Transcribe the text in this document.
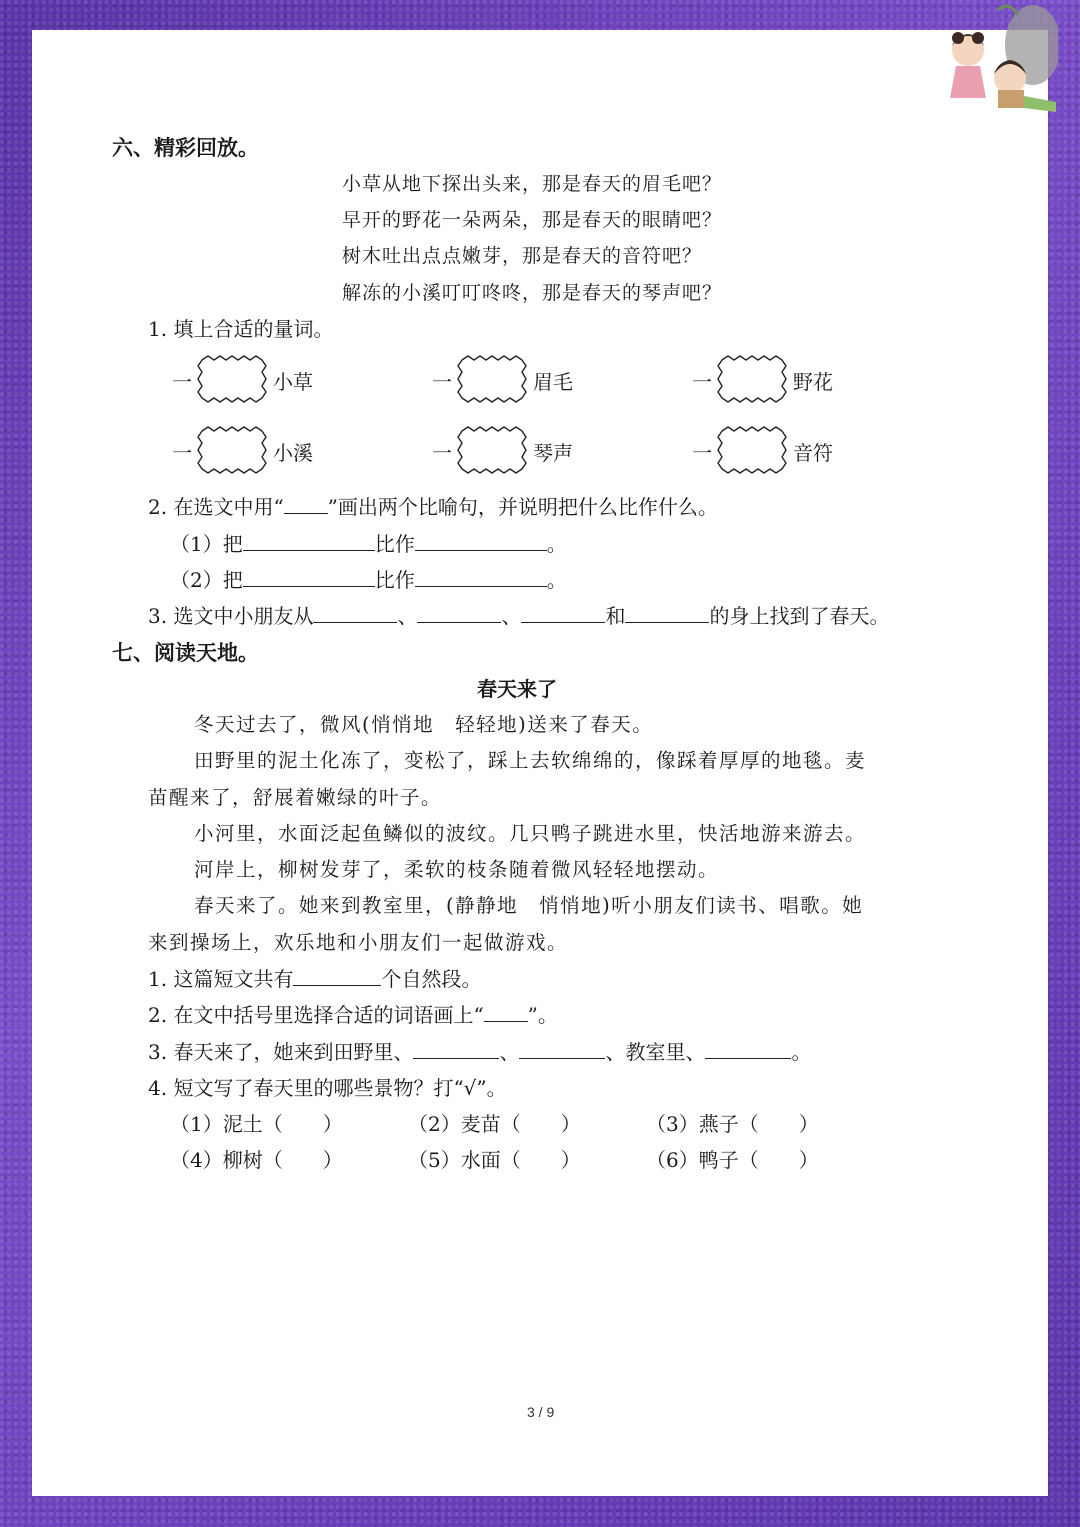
六、精彩回放。
小草从地下探出头来，那是春天的眉毛吧？
早开的野花一朵两朵，那是春天的眼睛吧？
树木吐出点点嫩芽，那是春天的音符吧？
解冻的小溪叮叮咚咚，那是春天的琴声吧？
1. 填上合适的量词。
一	小草	一	眉毛	一	野花
一	小溪	一	琴声	一	音符
2. 在选文中用“ ”画出两个比喻句，并说明把什么比作什么。
（1）把	比作	。
（2）把	比作	。
3. 选文中小朋友从	、	、	和	的身上找到了春天。
七、阅读天地。
春天来了
冬天过去了，微风(悄悄地　轻轻地)送来了春天。
田野里的泥土化冻了，变松了，踩上去软绵绵的，像踩着厚厚的地毯。麦
苗醒来了，舒展着嫩绿的叶子。
小河里，水面泛起鱼鳞似的波纹。几只鸭子跳进水里，快活地游来游去。
河岸上，柳树发芽了，柔软的枝条随着微风轻轻地摆动。
春天来了。她来到教室里，(静静地　悄悄地)听小朋友们读书、唱歌。她
来到操场上，欢乐地和小朋友们一起做游戏。
1. 这篇短文共有	个自然段。
2. 在文中括号里选择合适的词语画上“ ”。
3. 春天来了，她来到田野里、	、	、教室里、	。
4. 短文写了春天里的哪些景物？打“√”。
（1）泥土（　　）	（2）麦苗（　　）	（3）燕子（　　）
（4）柳树（　　）	（5）水面（　　）	（6）鸭子（　　）
3 / 9
